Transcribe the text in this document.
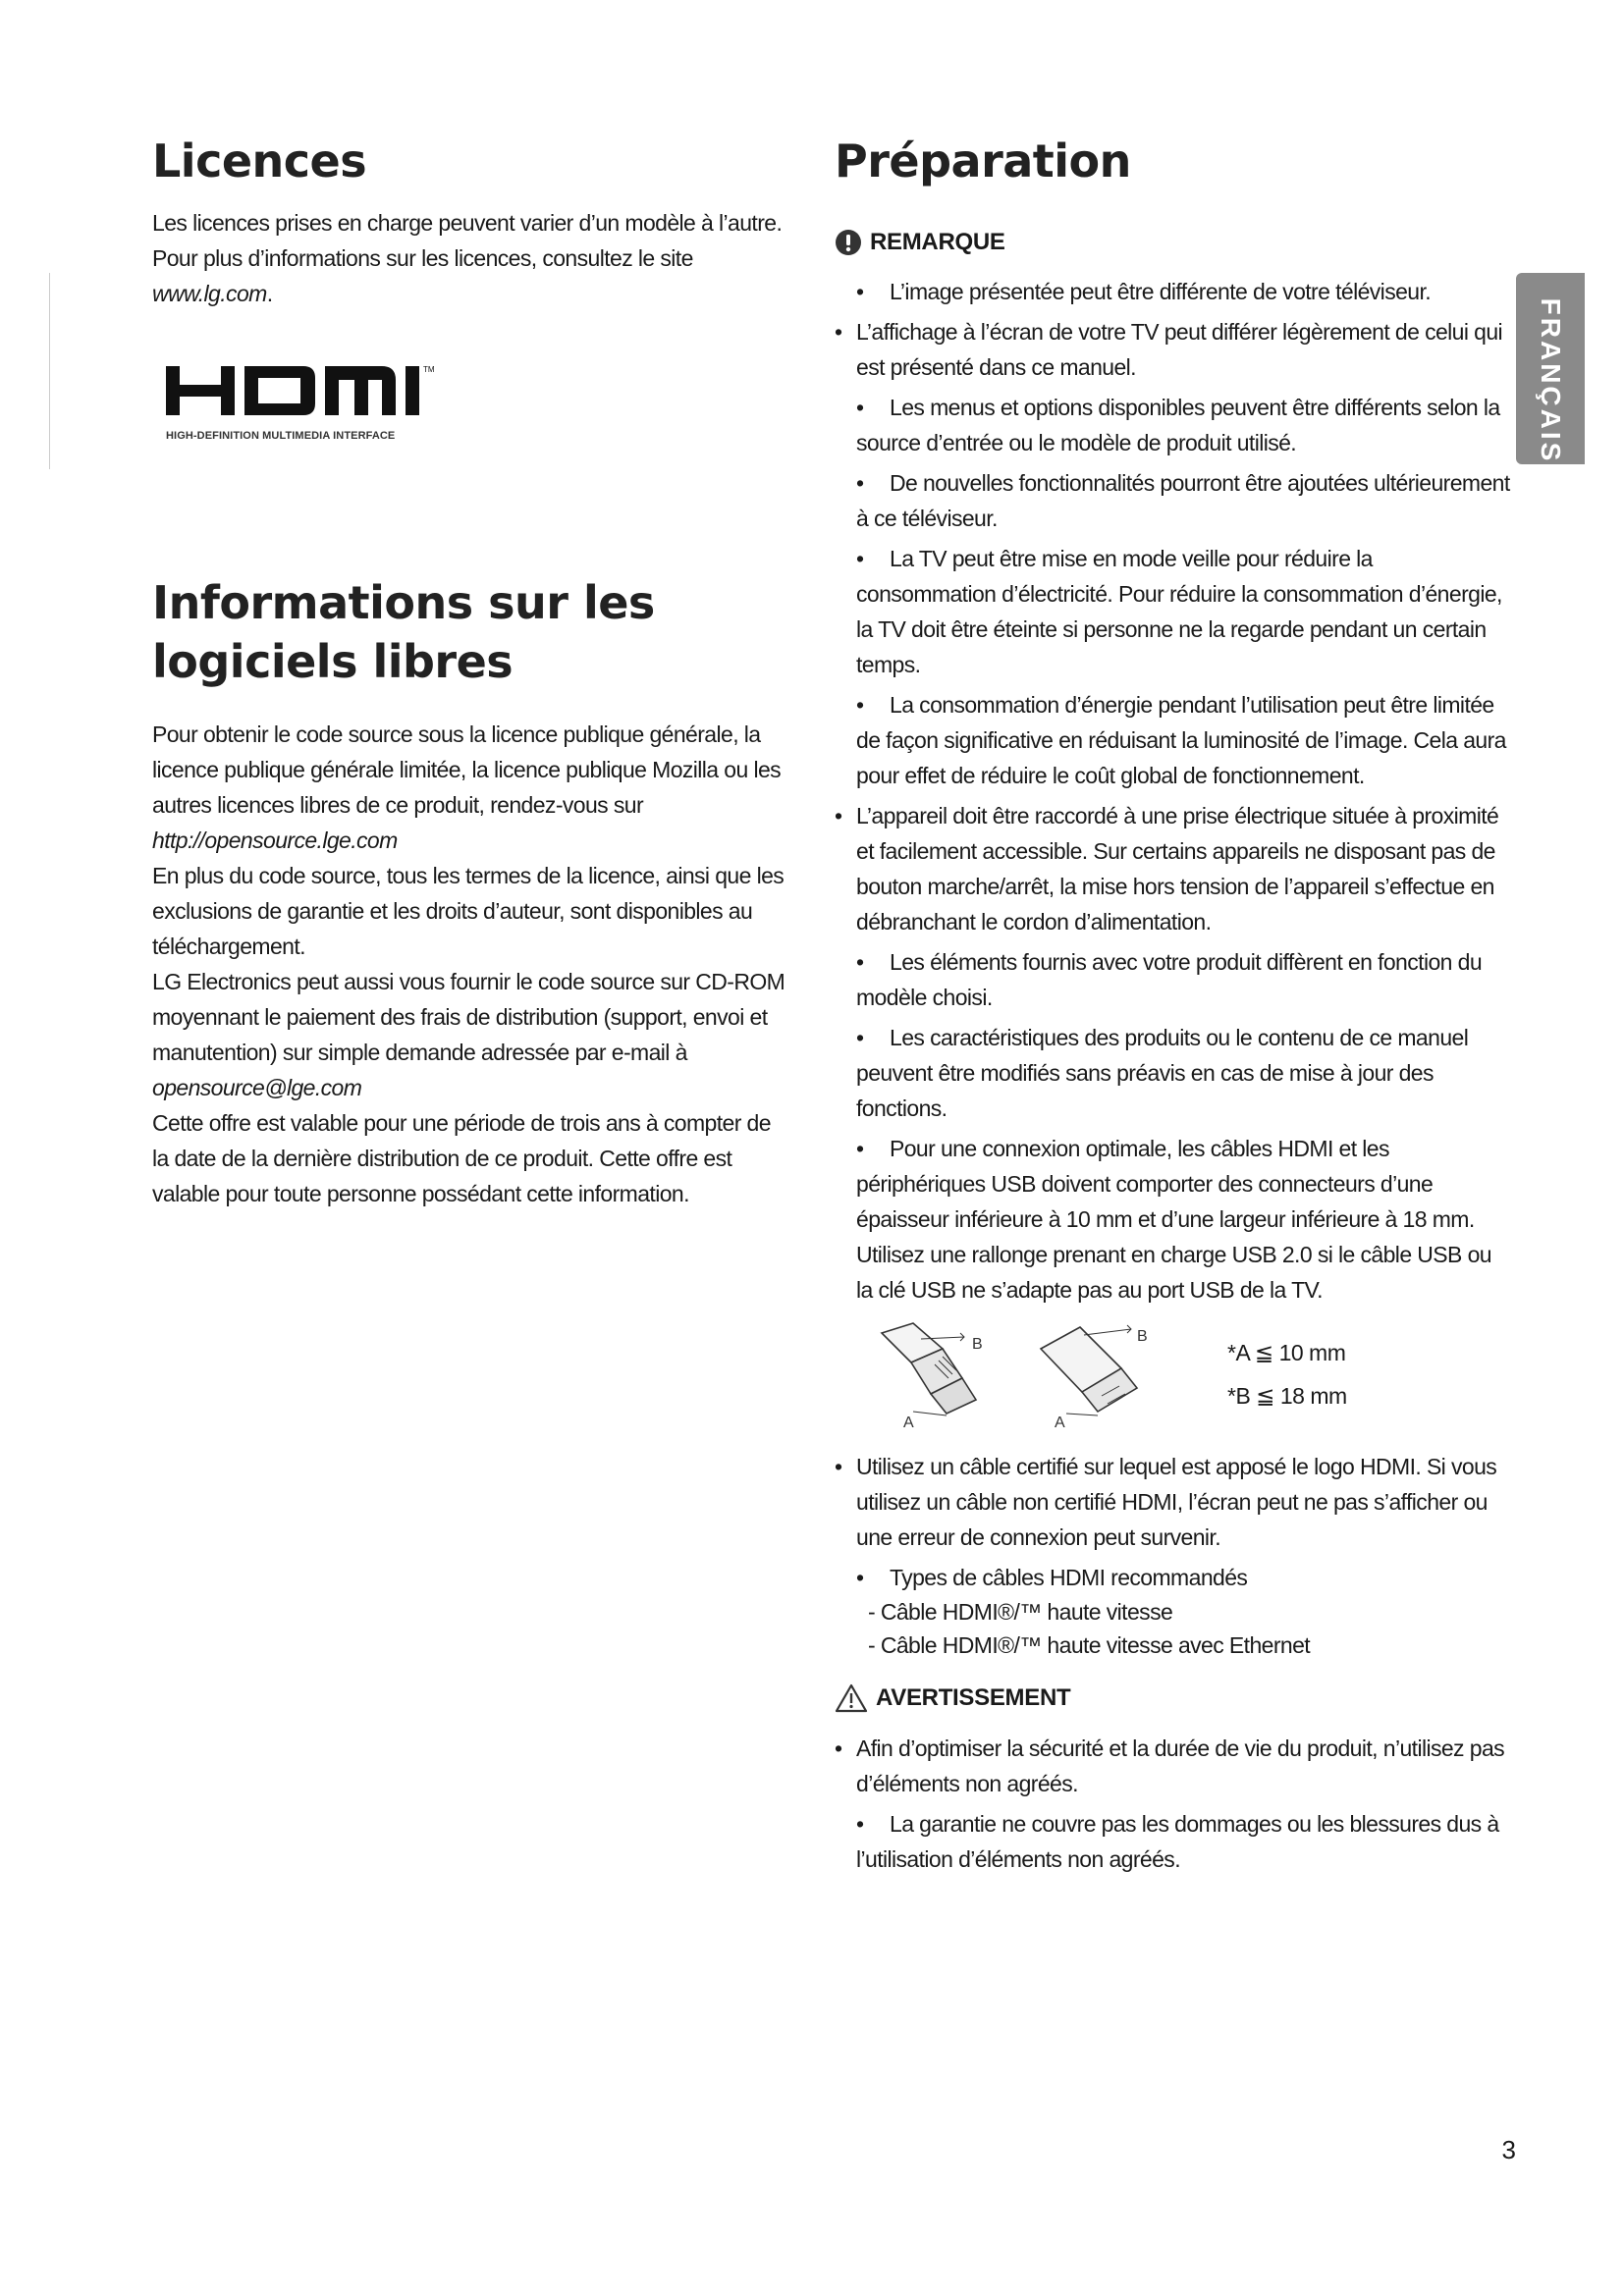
Licences

Les licences prises en charge peuvent varier d’un modèle à l’autre. Pour plus d’informations sur les licences, consultez le site www.lg.com.

TM
HIGH-DEFINITION MULTIMEDIA INTERFACE
Informations sur les logiciels libres

Pour obtenir le code source sous la licence publique générale, la licence publique générale limitée, la licence publique Mozilla ou les autres licences libres de ce produit, rendez-vous sur

http://opensource.lge.com

En plus du code source, tous les termes de la licence, ainsi que les exclusions de garantie et les droits d’auteur, sont disponibles au téléchargement.

LG Electronics peut aussi vous fournir le code source sur CD-ROM moyennant le paiement des frais de distribution (support, envoi et manutention) sur simple demande adressée par e-mail à

opensource@lge.com

Cette offre est valable pour une période de trois ans à compter de la date de la dernière distribution de ce produit. Cette offre est valable pour toute personne possédant cette information.

Préparation
REMARQUE
• L’image présentée peut être différente de votre téléviseur.
• L’affichage à l’écran de votre TV peut différer légèrement de celui qui est présenté dans ce manuel.
• Les menus et options disponibles peuvent être différents selon la source d’entrée ou le modèle de produit utilisé.
• De nouvelles fonctionnalités pourront être ajoutées ultérieurement à ce téléviseur.
• La TV peut être mise en mode veille pour réduire la consommation d’électricité. Pour réduire la consommation d’énergie, la TV doit être éteinte si personne ne la regarde pendant un certain temps.
• La consommation d’énergie pendant l’utilisation peut être limitée de façon significative en réduisant la luminosité de l’image. Cela aura pour effet de réduire le coût global de fonctionnement.
• L’appareil doit être raccordé à une prise électrique située à proximité et facilement accessible. Sur certains appareils ne disposant pas de bouton marche/arrêt, la mise hors tension de l’appareil s’effectue en débranchant le cordon d’alimentation.
• Les éléments fournis avec votre produit diffèrent en fonction du modèle choisi.
• Les caractéristiques des produits ou le contenu de ce manuel peuvent être modifiés sans préavis en cas de mise à jour des fonctions.
• Pour une connexion optimale, les câbles HDMI et les périphériques USB doivent comporter des connecteurs d’une épaisseur inférieure à 10 mm et d’une largeur inférieure à 18 mm. Utilisez une rallonge prenant en charge USB 2.0 si le câble USB ou la clé USB ne s’adapte pas au port USB de la TV.
B
A
B
A
*A ≦ 10 mm
*B ≦ 18 mm
• Utilisez un câble certifié sur lequel est apposé le logo HDMI. Si vous utilisez un câble non certifié HDMI, l’écran peut ne pas s’afficher ou une erreur de connexion peut survenir.
• Types de câbles HDMI recommandés
- Câble HDMI®/™ haute vitesse
- Câble HDMI®/™ haute vitesse avec Ethernet
AVERTISSEMENT
• Afin d’optimiser la sécurité et la durée de vie du produit, n’utilisez pas d’éléments non agréés.
• La garantie ne couvre pas les dommages ou les blessures dus à l’utilisation d’éléments non agréés.
FRANÇAIS
3
